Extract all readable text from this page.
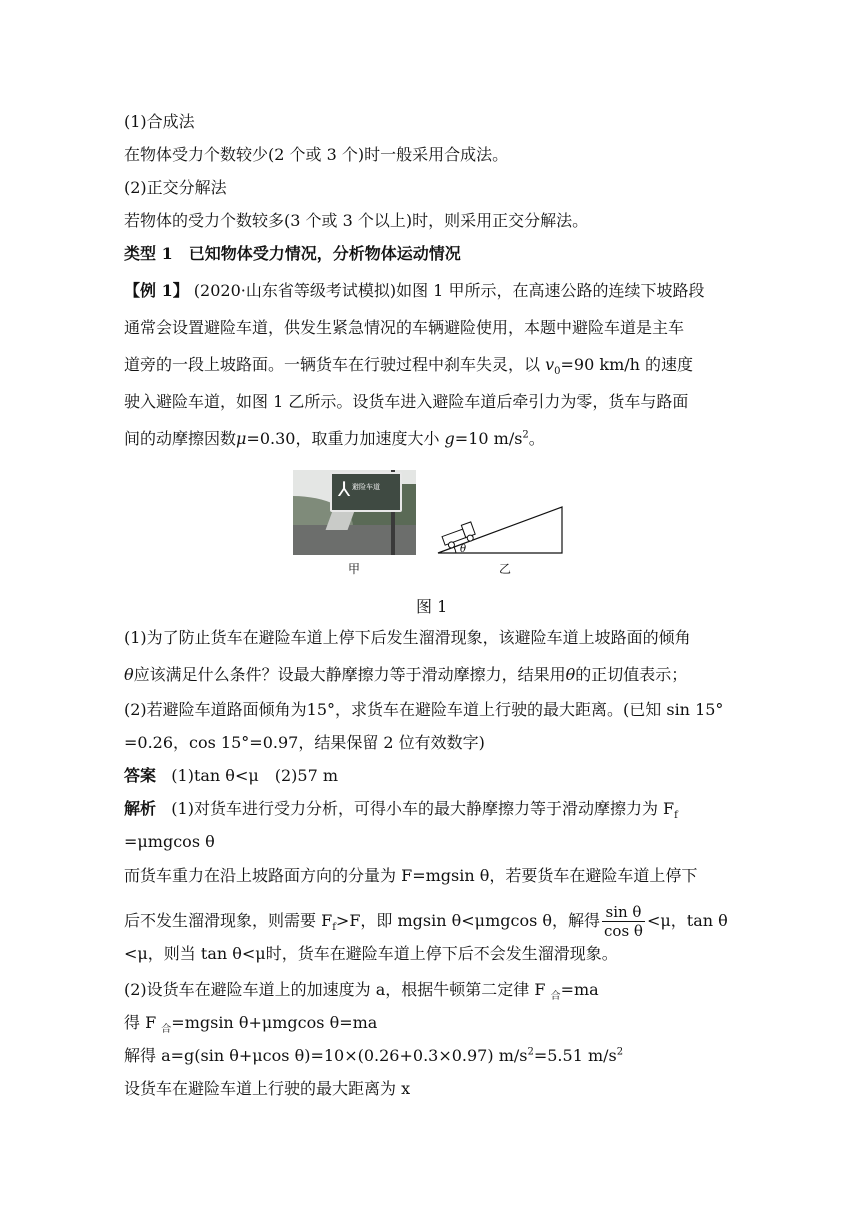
(1)合成法
在物体受力个数较少(2 个或 3 个)时一般采用合成法。
(2)正交分解法
若物体的受力个数较多(3 个或 3 个以上)时，则采用正交分解法。
类型 1　已知物体受力情况，分析物体运动情况
【例 1】 (2020·山东省等级考试模拟)如图 1 甲所示，在高速公路的连续下坡路段
通常会设置避险车道，供发生紧急情况的车辆避险使用，本题中避险车道是主车
道旁的一段上坡路面。一辆货车在行驶过程中刹车失灵，以 $v_0=90$ km/h 的速度
驶入避险车道，如图 1 乙所示。设货车进入避险车道后牵引力为零，货车与路面
间的动摩擦因数μ=0.30，取重力加速度大小 g=10 $m/s^2$。
⅄ 避险车道
甲
θ
乙
图 1
(1)为了防止货车在避险车道上停下后发生溜滑现象，该避险车道上坡路面的倾角
θ应该满足什么条件？设最大静摩擦力等于滑动摩擦力，结果用θ的正切值表示；
(2)若避险车道路面倾角为15°，求货车在避险车道上行驶的最大距离。(已知 sin 15°
=0.26，cos 15°=0.97，结果保留 2 位有效数字)
答案 (1)tan θ<μ　(2)57 m
解析 (1)对货车进行受力分析，可得小车的最大静摩擦力等于滑动摩擦力为 $F_f$
=μmgcos θ
而货车重力在沿上坡路面方向的分量为 F=mgsin θ，若要货车在避险车道上停下
后不发生溜滑现象，则需要 $F_f>F$，即 mgsin θ<μmgcos θ，解得 $\frac{\text{sin θ}}{\text{cos θ}} <\mu$，tan θ
<μ，则当 tan θ<μ时，货车在避险车道上停下后不会发生溜滑现象。
(2)设货车在避险车道上的加速度为 a，根据牛顿第二定律 F $_合$=ma
得 F $_合$=mgsin θ+μmgcos θ=ma
解得 a=g(sin θ+μcos θ)=10×(0.26+0.3×0.97) $m/s^2=5.51$ $m/s^2$
设货车在避险车道上行驶的最大距离为 x
